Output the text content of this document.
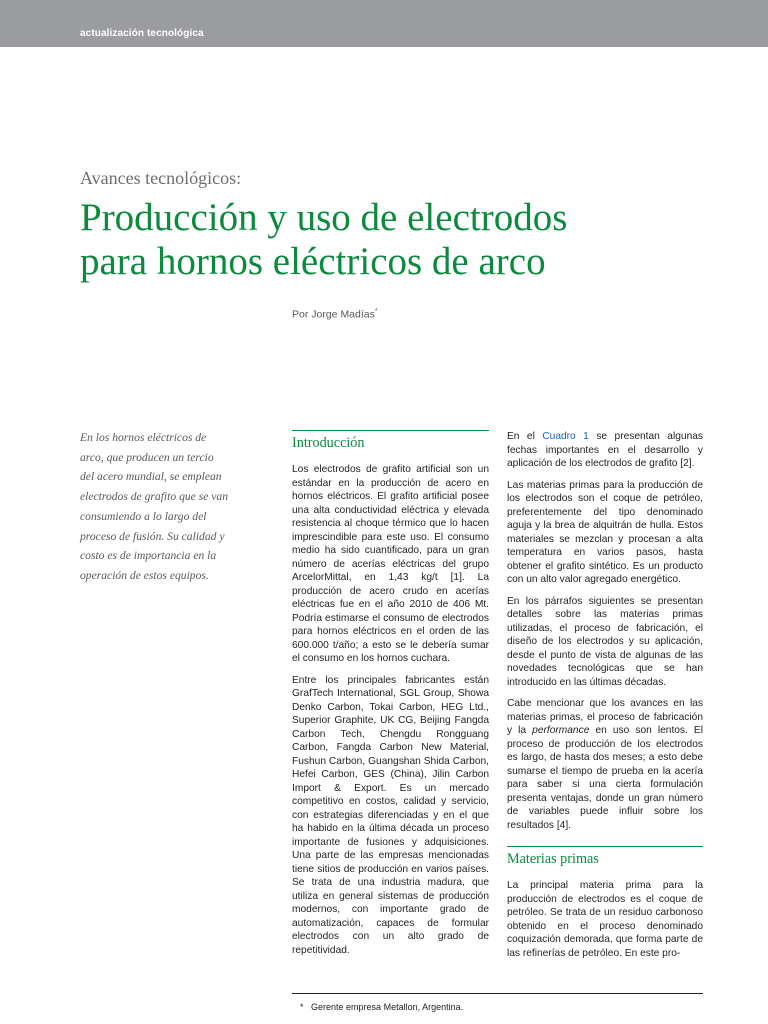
actualización tecnológica
Avances tecnológicos:
Producción y uso de electrodos
para hornos eléctricos de arco
Por Jorge Madías*
En los hornos eléctricos de
arco, que producen un tercio
del acero mundial, se emplean
electrodos de grafito que se van
consumiendo a lo largo del
proceso de fusión. Su calidad y
costo es de importancia en la
operación de estos equipos.
Introducción

Los electrodos de grafito artificial son un estándar en la producción de acero en hornos eléctricos. El grafito artificial posee una alta conductividad eléctrica y elevada resistencia al choque térmico que lo hacen imprescindible para este uso. El consumo medio ha sido cuantificado, para un gran número de acerías eléctricas del grupo ArcelorMittal, en 1,43 kg/t [1]. La producción de acero crudo en acerías eléctricas fue en el año 2010 de 406 Mt. Podría estimarse el consumo de electrodos para hornos eléctricos en el orden de las 600.000 t/año; a esto se le debería sumar el consumo en los hornos cuchara.

Entre los principales fabricantes están GrafTech International, SGL Group, Showa Denko Carbon, Tokai Carbon, HEG Ltd., Superior Graphite, UK CG, Beijing Fangda Carbon Tech, Chengdu Rongguang Carbon, Fangda Carbon New Material, Fushun Carbon, Guangshan Shida Carbon, Hefei Carbon, GES (China), Jilin Carbon Import & Export. Es un mercado competitivo en costos, calidad y servicio, con estrategias diferenciadas y en el que ha habido en la última década un proceso importante de fusiones y adquisiciones. Una parte de las empresas mencionadas tiene sitios de producción en varios países. Se trata de una industria madura, que utiliza en general sistemas de producción modernos, con importante grado de automatización, capaces de formular electrodos con un alto grado de repetitividad.

En el Cuadro 1 se presentan algunas fechas importantes en el desarrollo y aplicación de los electrodos de grafito [2].

Las materias primas para la producción de los electrodos son el coque de petróleo, preferentemente del tipo denominado aguja y la brea de alquitrán de hulla. Estos materiales se mezclan y procesan a alta temperatura en varios pasos, hasta obtener el grafito sintético. Es un producto con un alto valor agregado energético.

En los párrafos siguientes se presentan detalles sobre las materias primas utilizadas, el proceso de fabricación, el diseño de los electrodos y su aplicación, desde el punto de vista de algunas de las novedades tecnológicas que se han introducido en las últimas décadas.

Cabe mencionar que los avances en las materias primas, el proceso de fabricación y la performance en uso son lentos. El proceso de producción de los electrodos es largo, de hasta dos meses; a esto debe sumarse el tiempo de prueba en la acería para saber si una cierta formulación presenta ventajas, donde un gran número de variables puede influir sobre los resultados [4].

Materias primas

La principal materia prima para la producción de electrodos es el coque de petróleo. Se trata de un residuo carbonoso obtenido en el proceso denominado coquización demorada, que forma parte de las refinerías de petróleo. En este pro-

* Gerente empresa Metallon, Argentina.
